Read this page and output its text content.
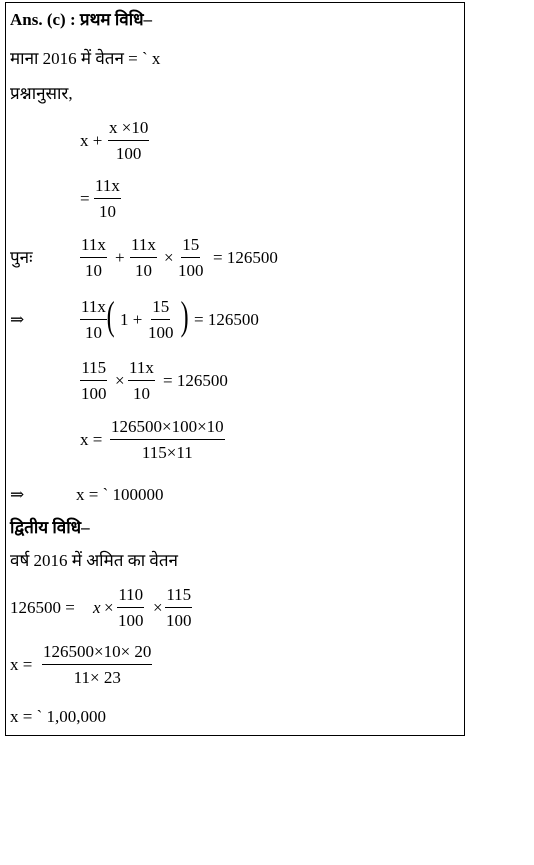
Ans. (c) : प्रथम विधि–
माना 2016 में वेतन = ` x
प्रश्नानुसार,
$x + \frac{x \times 10}{100}$
= $\frac{11x}{10}$
पुनः	$\frac{11x}{10} + \frac{11x}{10} \times \frac{15}{100} = 126500$
⇒	$\frac{11x}{10}$ ( $1 + \frac{15}{100}$ ) = 126500
$\frac{115}{100} \times \frac{11x}{10} = 126500$
$x = \frac{126500\times 100\times 10}{115\times 11}$
⇒	x = ` 100000
द्वितीय विधि–
वर्ष 2016 में अमित का वेतन
$126500 = x \times \frac{110}{100} \times \frac{115}{100}$
$x = \frac{126500\times 10\times 20}{11\times 23}$
x = ` 1,00,000
